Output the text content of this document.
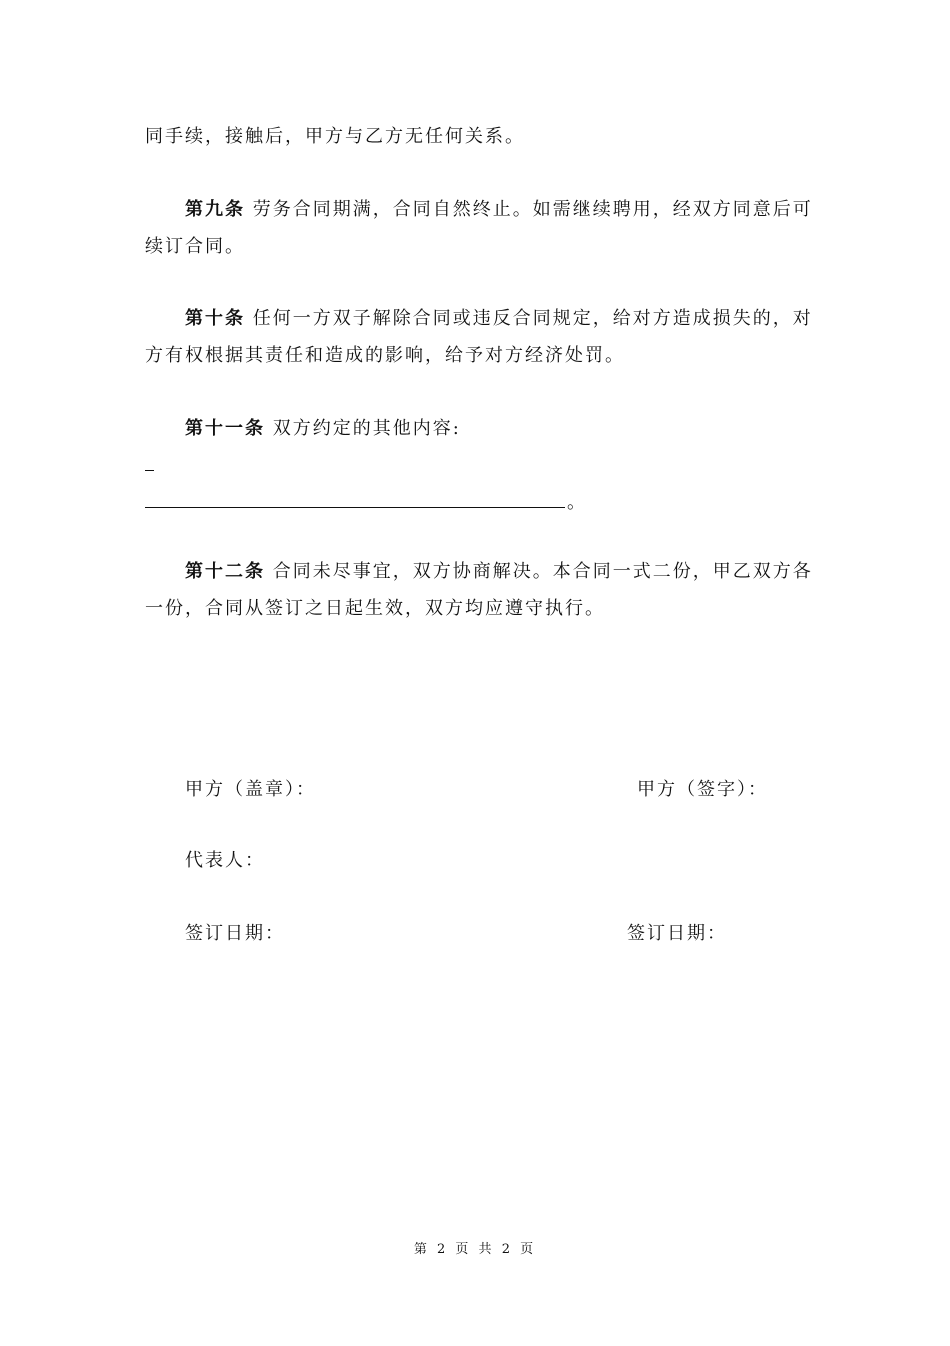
同手续，接触后，甲方与乙方无任何关系。
第九条 劳务合同期满，合同自然终止。如需继续聘用，经双方同意后可
续订合同。
第十条 任何一方双子解除合同或违反合同规定，给对方造成损失的，对
方有权根据其责任和造成的影响，给予对方经济处罚。
第十一条 双方约定的其他内容:
。
第十二条 合同未尽事宜，双方协商解决。本合同一式二份，甲乙双方各
一份，合同从签订之日起生效，双方均应遵守执行。
甲方（盖章）：	甲方（签字）：
代表人：
签订日期：	签订日期：
第 2 页 共 2 页
